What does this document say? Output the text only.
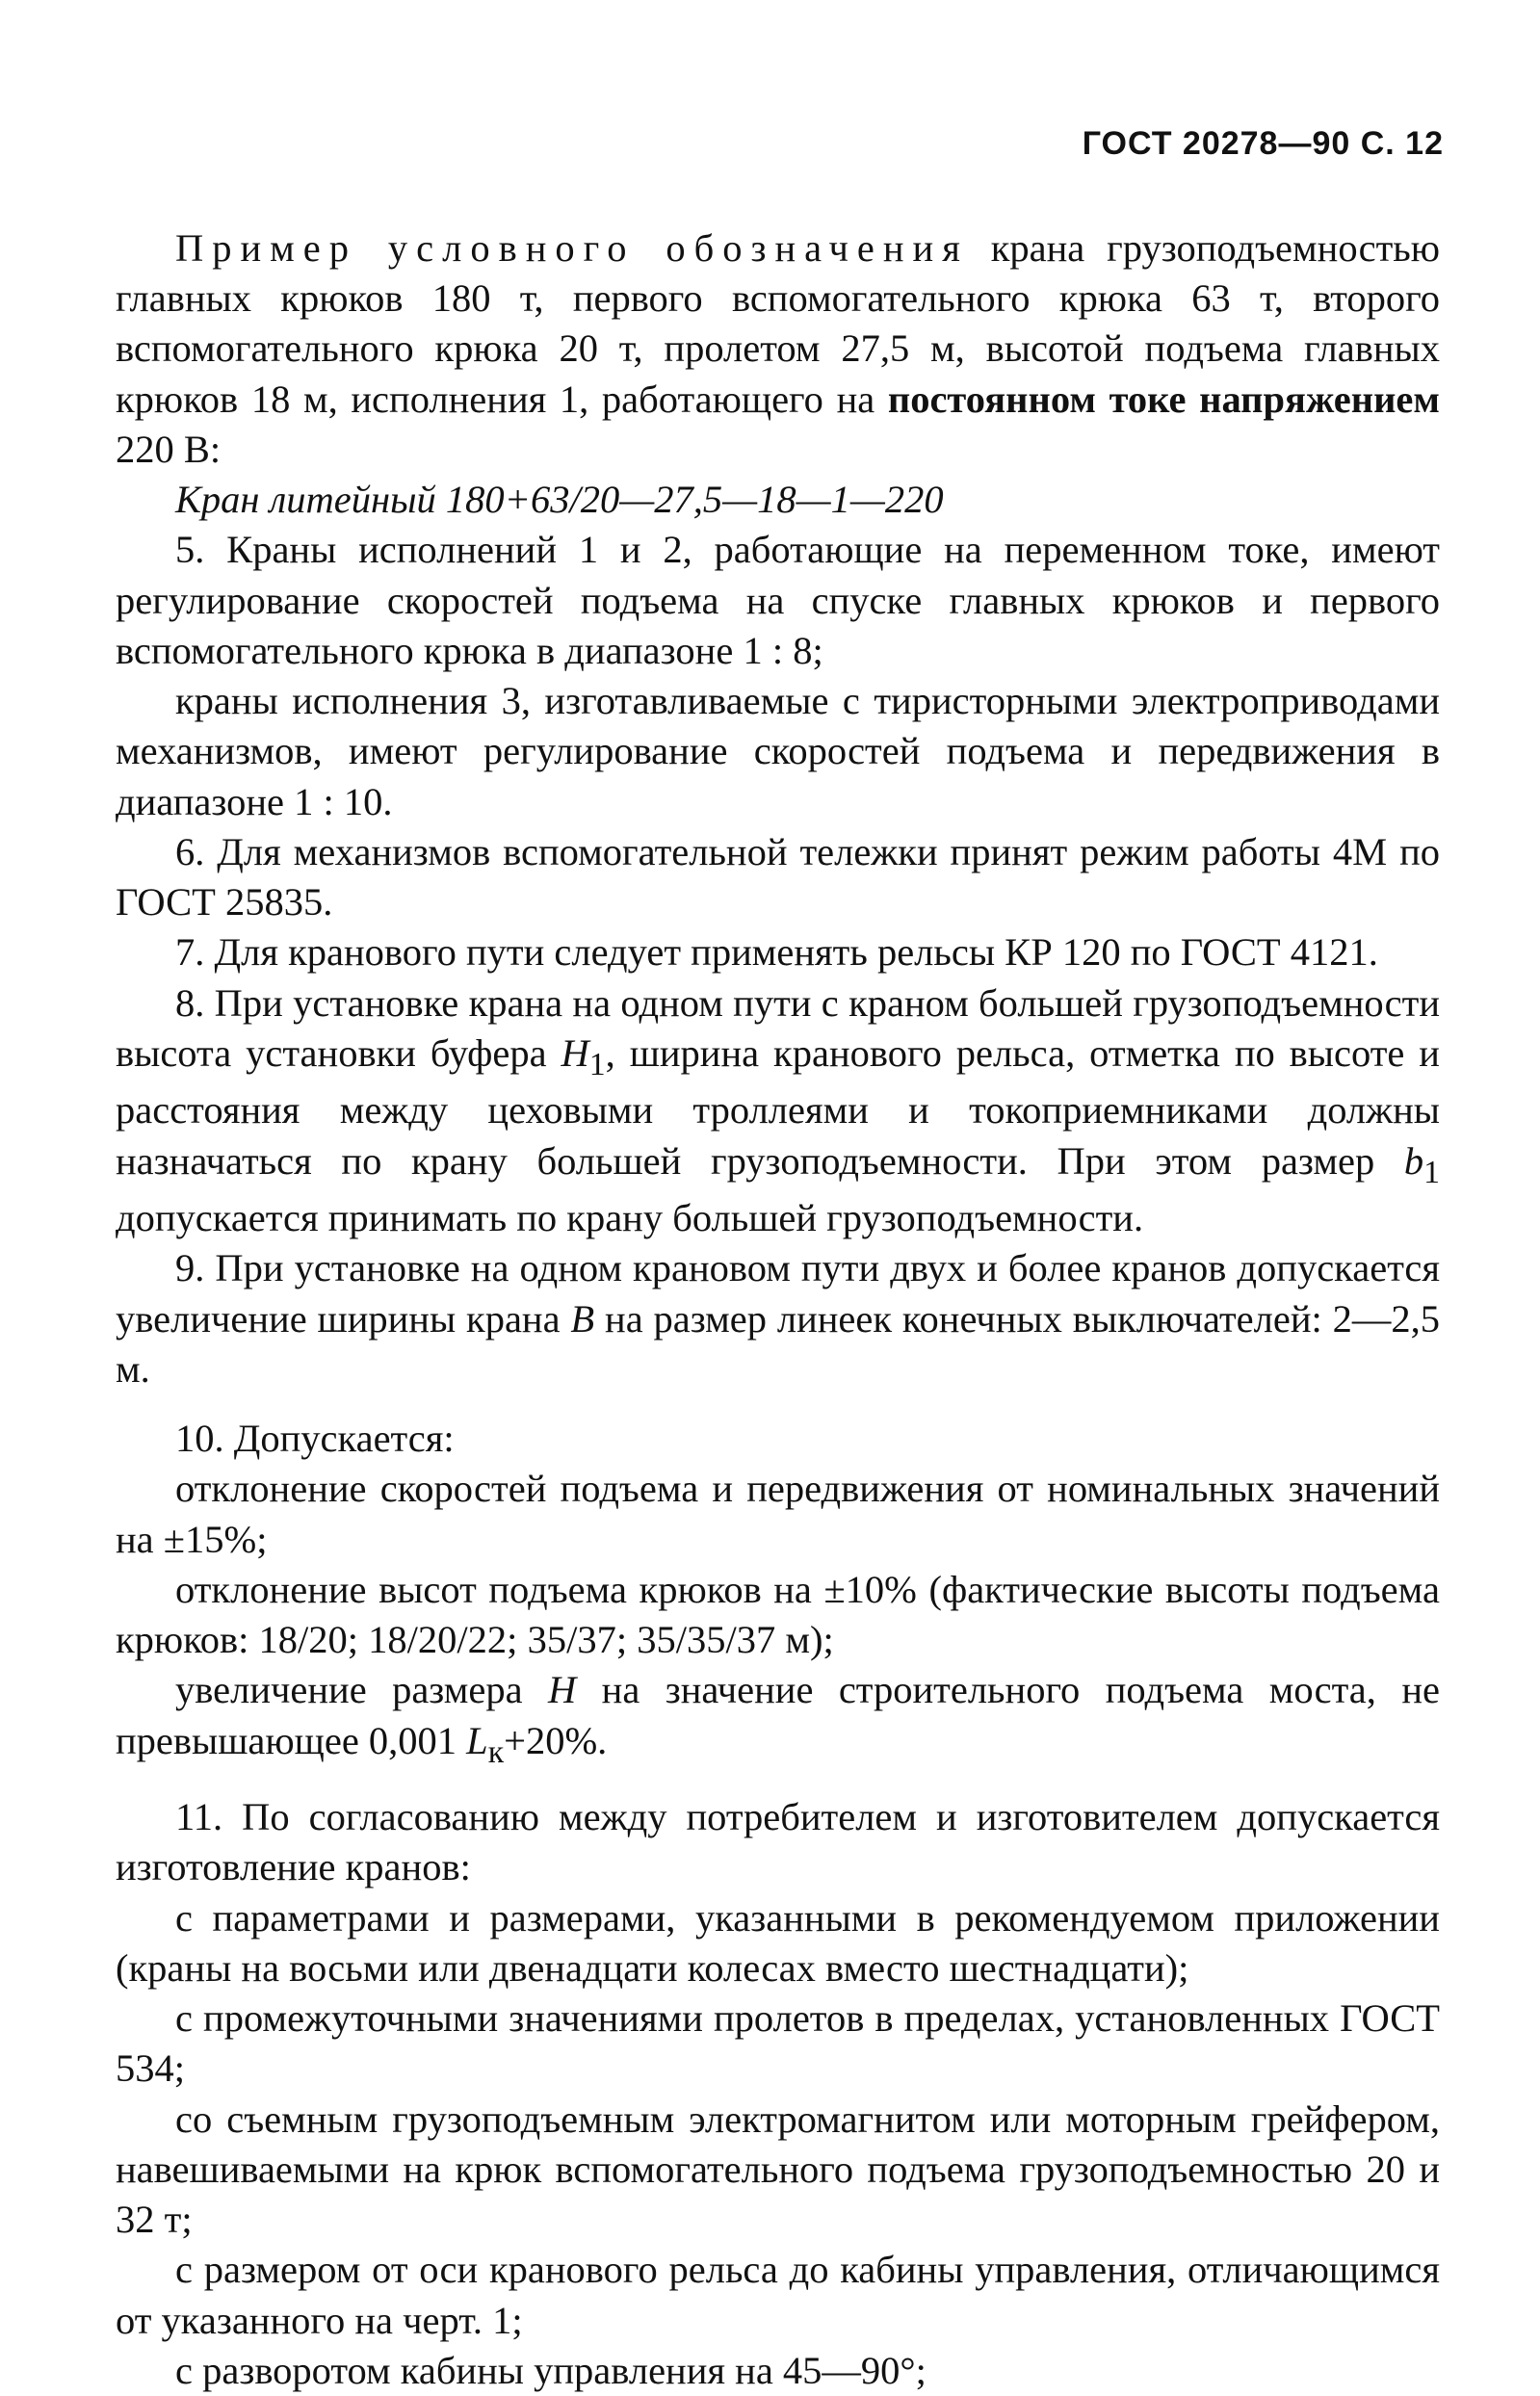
ГОСТ 20278—90 С. 12

Пример условного обозначения крана грузоподъемностью главных крюков 180 т, первого вспомогательного крюка 63 т, второго вспомогательного крюка 20 т, пролетом 27,5 м, высотой подъема главных крюков 18 м, исполнения 1, работающего на постоянном токе напряжением 220 В:

Кран литейный 180+63/20—27,5—18—1—220

5. Краны исполнений 1 и 2, работающие на переменном токе, имеют регулирование скоростей подъема на спуске главных крюков и первого вспомогательного крюка в диапазоне 1 : 8;

краны исполнения 3, изготавливаемые с тиристорными электроприводами механизмов, имеют регулирование скоростей подъема и передвижения в диапазоне 1 : 10.

6. Для механизмов вспомогательной тележки принят режим работы 4М по ГОСТ 25835.

7. Для кранового пути следует применять рельсы КР 120 по ГОСТ 4121.

8. При установке крана на одном пути с краном большей грузоподъемности высота установки буфера $H_1$, ширина кранового рельса, отметка по высоте и расстояния между цеховыми троллеями и токоприемниками должны назначаться по крану большей грузоподъемности. При этом размер $b_1$ допускается принимать по крану большей грузоподъемности.

9. При установке на одном крановом пути двух и более кранов допускается увеличение ширины крана B на размер линеек конечных выключателей: 2—2,5 м.

10. Допускается:

отклонение скоростей подъема и передвижения от номинальных значений на ±15%;

отклонение высот подъема крюков на ±10% (фактические высоты подъема крюков: 18/20; 18/20/22; 35/37; 35/35/37 м);

увеличение размера H на значение строительного подъема моста, не превышающее 0,001 $L_к+20\%$.

11. По согласованию между потребителем и изготовителем допускается изготовление кранов:

с параметрами и размерами, указанными в рекомендуемом приложении (краны на восьми или двенадцати колесах вместо шестнадцати);

с промежуточными значениями пролетов в пределах, установленных ГОСТ 534;

со съемным грузоподъемным электромагнитом или моторным грейфером, навешиваемыми на крюк вспомогательного подъема грузоподъемностью 20 и 32 т;

с размером от оси кранового рельса до кабины управления, отличающимся от указанного на черт. 1;

с разворотом кабины управления на 45—90°;
